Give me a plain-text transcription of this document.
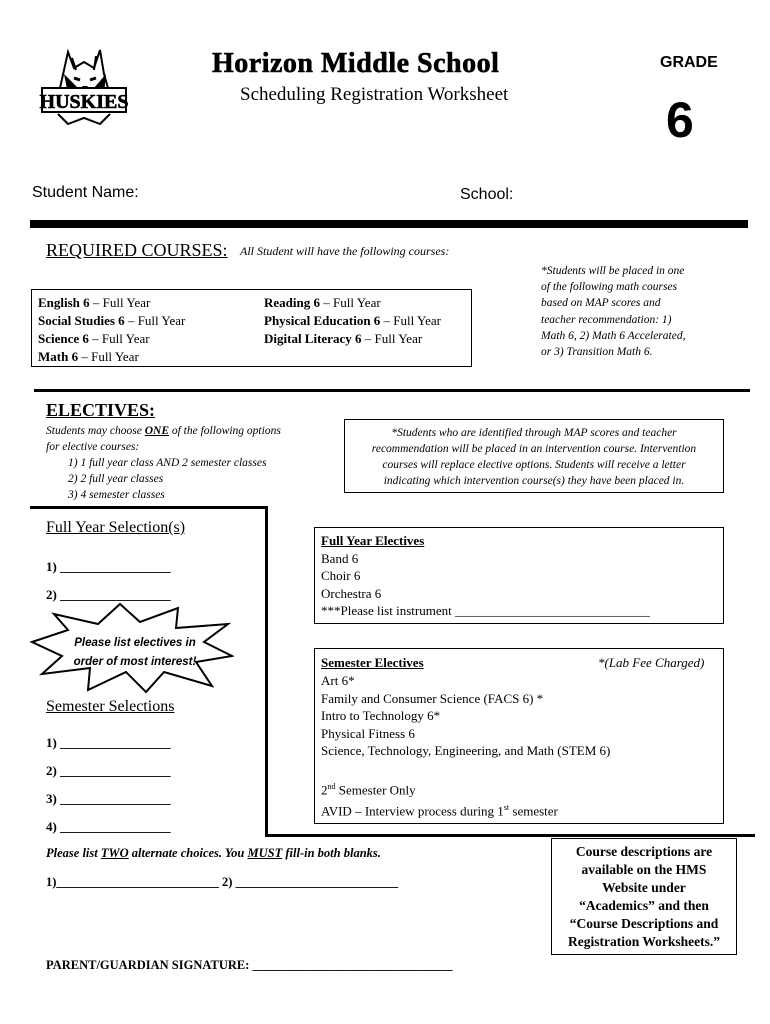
HUSKIES
Horizon Middle School
Scheduling Registration Worksheet
GRADE
6
Student Name:	School:
REQUIRED COURSES: All Student will have the following courses:
English 6 – Full Year
Social Studies 6 – Full Year
Science 6 – Full Year
Math 6 – Full Year
Reading 6 – Full Year
Physical Education 6 – Full Year
Digital Literacy 6 – Full Year
*Students will be placed in one
of the following math courses
based on MAP scores and
teacher recommendation: 1)
Math 6, 2) Math 6 Accelerated,
or 3) Transition Math 6.
ELECTIVES:
Students may choose ONE of the following options
for elective courses:
1) 1 full year class AND 2 semester classes
2) 2 full year classes
3) 4 semester classes
*Students who are identified through MAP scores and teacher
recommendation will be placed in an intervention course. Intervention
courses will replace elective options. Students will receive a letter
indicating which intervention course(s) they have been placed in.
Full Year Selection(s)
1) _________________
2) _________________
Please list electives in
order of most interest!
Semester Selections
1) _________________
2) _________________
3) _________________
4) _________________
Full Year Electives
Band 6
Choir 6
Orchestra 6
***Please list instrument ______________________________
Semester Electives	*(Lab Fee Charged)
Art 6*
Family and Consumer Science (FACS 6) *
Intro to Technology 6*
Physical Fitness 6
Science, Technology, Engineering, and Math (STEM 6)
2nd Semester Only
AVID – Interview process during 1st semester
Please list TWO alternate choices. You MUST fill-in both blanks.
1)__________________________ 2) __________________________
Course descriptions are
available on the HMS
Website under
“Academics” and then
“Course Descriptions and
Registration Worksheets.”
PARENT/GUARDIAN SIGNATURE: ________________________________
